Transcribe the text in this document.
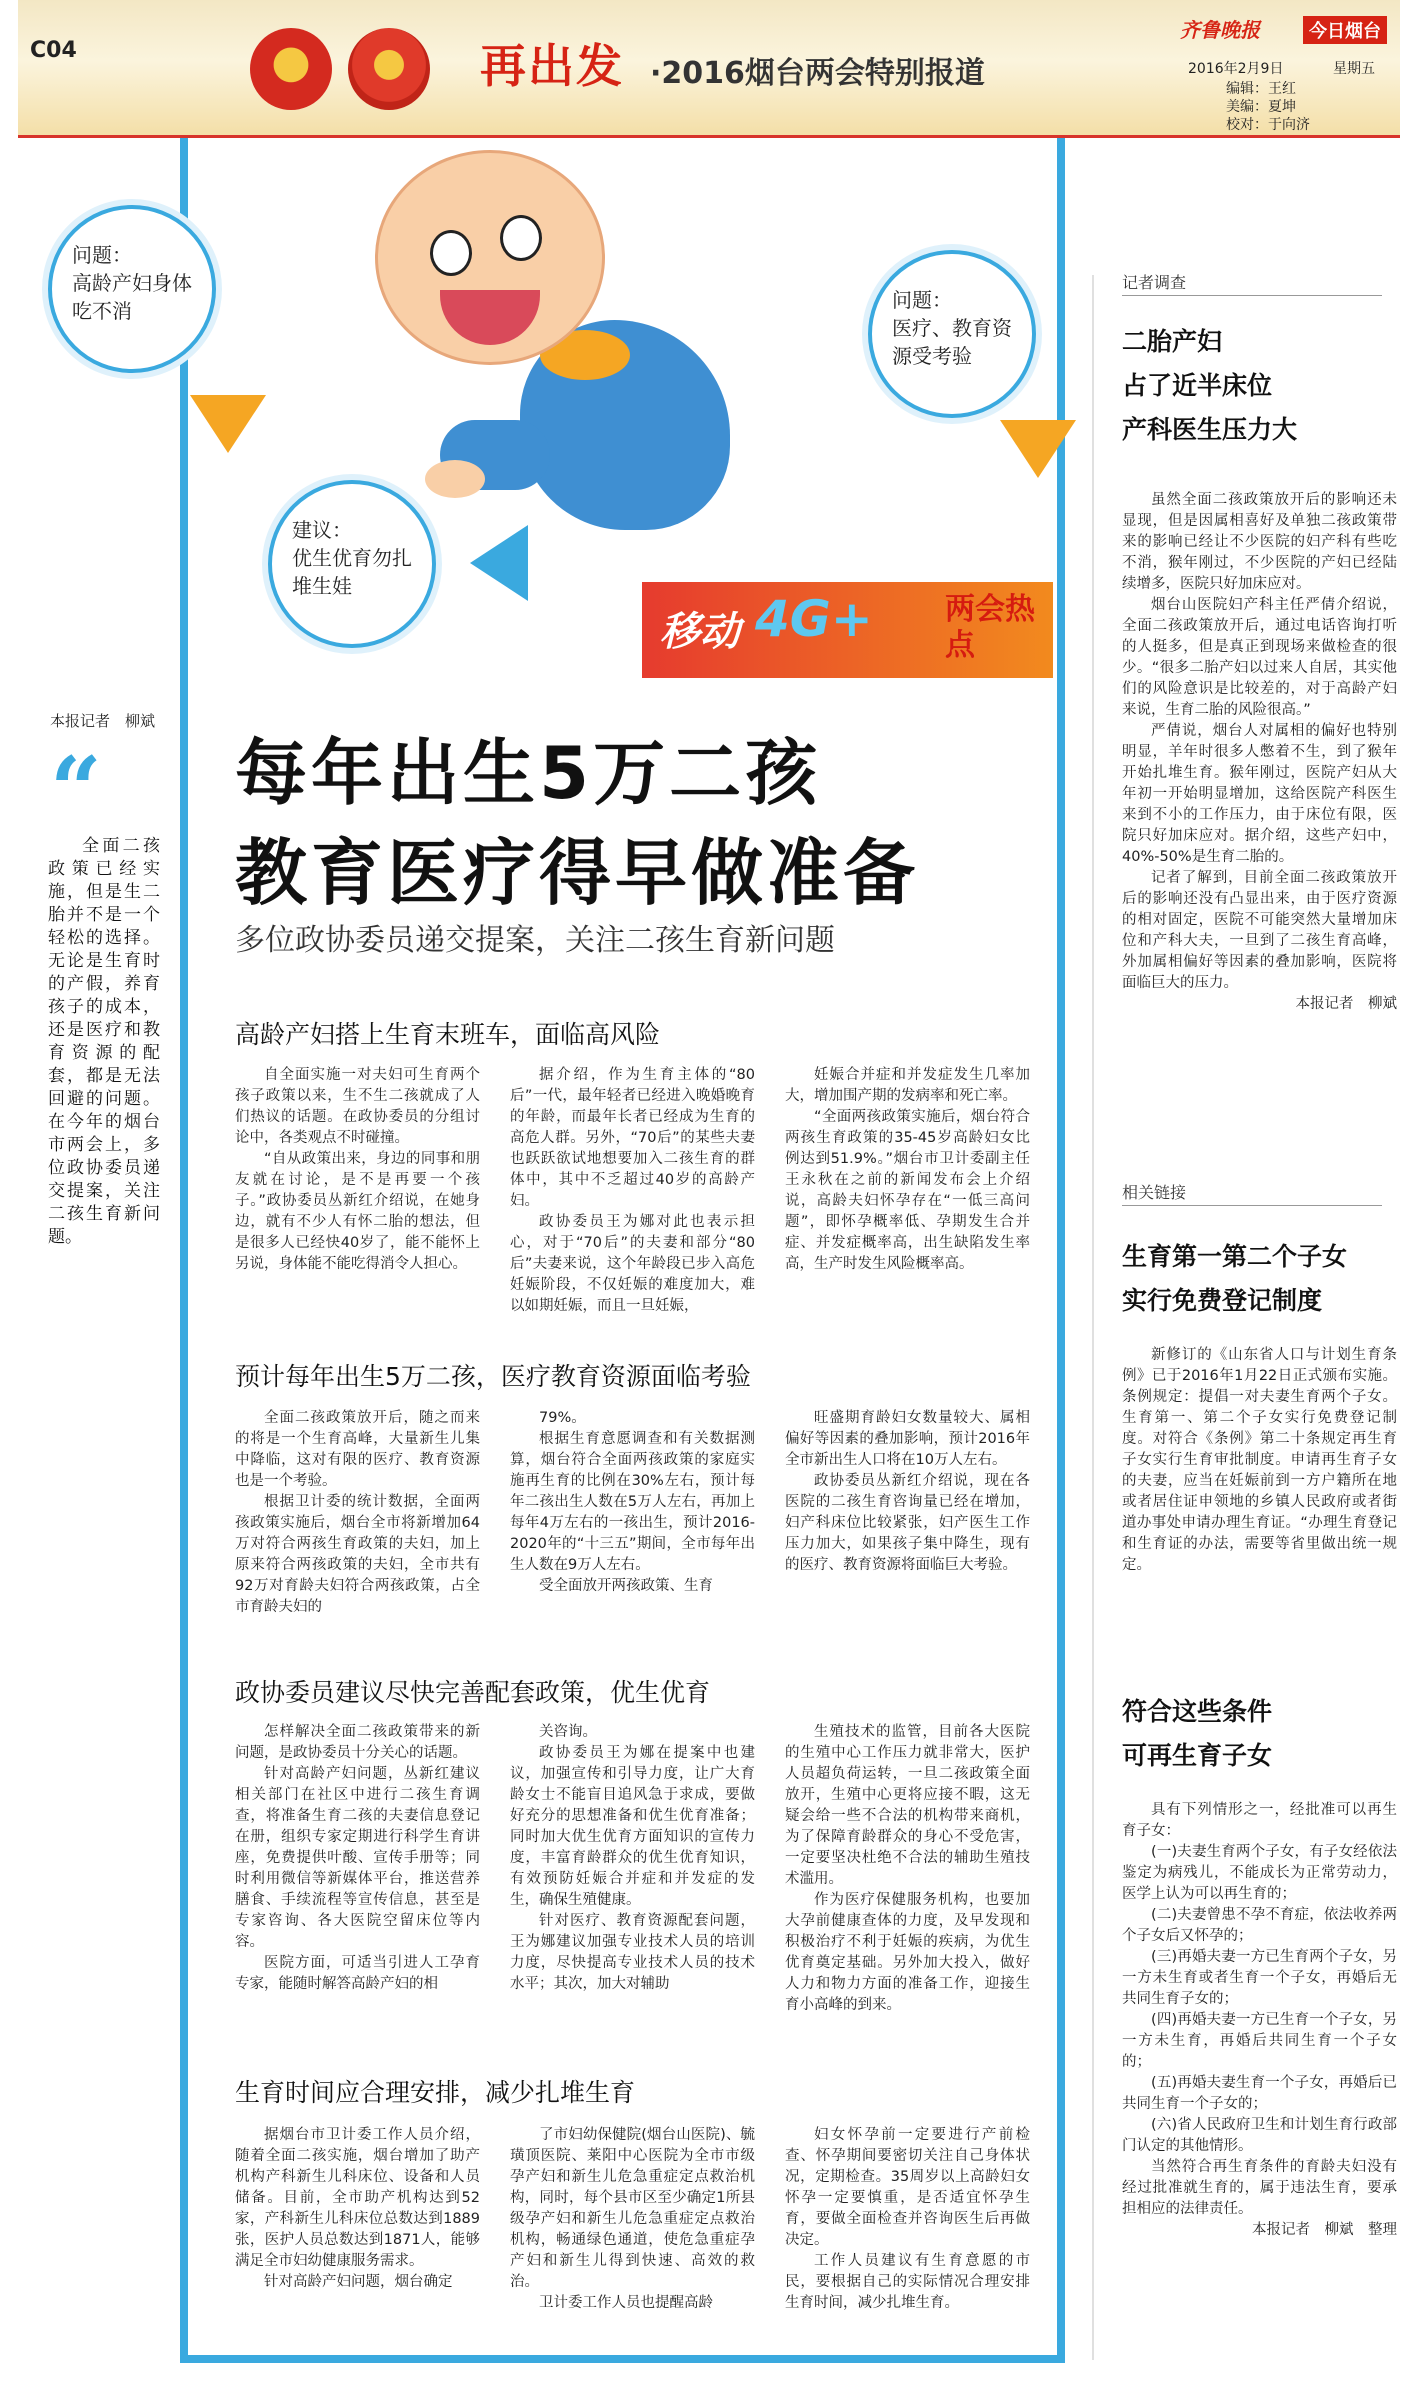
C04	再出发 ·2016烟台两会特别报道
齐鲁晚报	今日烟台
2016年2月9日	星期五
编辑：王红
美编：夏坤
校对：于向济
问题：
高龄产妇身体吃不消	问题：
医疗、教育资源受考验
建议：
优生优育勿扎堆生娃
移动 4G+ 两会热点
本报记者　柳斌
“
全面二孩政策已经实施，但是生二胎并不是一个轻松的选择。无论是生育时的产假，养育孩子的成本，还是医疗和教育资源的配套，都是无法回避的问题。在今年的烟台市两会上，多位政协委员递交提案，关注二孩生育新问题。
每年出生5万二孩
教育医疗得早做准备
多位政协委员递交提案，关注二孩生育新问题
高龄产妇搭上生育末班车，面临高风险

自全面实施一对夫妇可生育两个孩子政策以来，生不生二孩就成了人们热议的话题。在政协委员的分组讨论中，各类观点不时碰撞。

“自从政策出来，身边的同事和朋友就在讨论，是不是再要一个孩子。”政协委员丛新红介绍说，在她身边，就有不少人有怀二胎的想法，但是很多人已经快40岁了，能不能怀上另说，身体能不能吃得消令人担心。

据介绍，作为生育主体的“80后”一代，最年轻者已经进入晚婚晚育的年龄，而最年长者已经成为生育的高危人群。另外，“70后”的某些夫妻也跃跃欲试地想要加入二孩生育的群体中，其中不乏超过40岁的高龄产妇。

政协委员王为娜对此也表示担心，对于“70后”的夫妻和部分“80后”夫妻来说，这个年龄段已步入高危妊娠阶段，不仅妊娠的难度加大，难以如期妊娠，而且一旦妊娠，

妊娠合并症和并发症发生几率加大，增加围产期的发病率和死亡率。

“全面两孩政策实施后，烟台符合两孩生育政策的35-45岁高龄妇女比例达到51.9%。”烟台市卫计委副主任王永秋在之前的新闻发布会上介绍说，高龄夫妇怀孕存在“一低三高问题”，即怀孕概率低、孕期发生合并症、并发症概率高，出生缺陷发生率高，生产时发生风险概率高。

预计每年出生5万二孩，医疗教育资源面临考验

全面二孩政策放开后，随之而来的将是一个生育高峰，大量新生儿集中降临，这对有限的医疗、教育资源也是一个考验。

根据卫计委的统计数据，全面两孩政策实施后，烟台全市将新增加64万对符合两孩生育政策的夫妇，加上原来符合两孩政策的夫妇，全市共有92万对育龄夫妇符合两孩政策，占全市育龄夫妇的

79%。

根据生育意愿调查和有关数据测算，烟台符合全面两孩政策的家庭实施再生育的比例在30%左右，预计每年二孩出生人数在5万人左右，再加上每年4万左右的一孩出生，预计2016-2020年的“十三五”期间，全市每年出生人数在9万人左右。

受全面放开两孩政策、生育

旺盛期育龄妇女数量较大、属相偏好等因素的叠加影响，预计2016年全市新出生人口将在10万人左右。

政协委员丛新红介绍说，现在各医院的二孩生育咨询量已经在增加，妇产科床位比较紧张，妇产医生工作压力加大，如果孩子集中降生，现有的医疗、教育资源将面临巨大考验。

政协委员建议尽快完善配套政策，优生优育

怎样解决全面二孩政策带来的新问题，是政协委员十分关心的话题。

针对高龄产妇问题，丛新红建议相关部门在社区中进行二孩生育调查，将准备生育二孩的夫妻信息登记在册，组织专家定期进行科学生育讲座，免费提供叶酸、宣传手册等；同时利用微信等新媒体平台，推送营养膳食、手续流程等宣传信息，甚至是专家咨询、各大医院空留床位等内容。

医院方面，可适当引进人工孕育专家，能随时解答高龄产妇的相

关咨询。

政协委员王为娜在提案中也建议，加强宣传和引导力度，让广大育龄女士不能盲目追风急于求成，要做好充分的思想准备和优生优育准备；同时加大优生优育方面知识的宣传力度，丰富育龄群众的优生优育知识，有效预防妊娠合并症和并发症的发生，确保生殖健康。

针对医疗、教育资源配套问题，王为娜建议加强专业技术人员的培训力度，尽快提高专业技术人员的技术水平；其次，加大对辅助

生殖技术的监管，目前各大医院的生殖中心工作压力就非常大，医护人员超负荷运转，一旦二孩政策全面放开，生殖中心更将应接不暇，这无疑会给一些不合法的机构带来商机，为了保障育龄群众的身心不受危害，一定要坚决杜绝不合法的辅助生殖技术滥用。

作为医疗保健服务机构，也要加大孕前健康查体的力度，及早发现和积极治疗不利于妊娠的疾病，为优生优育奠定基础。另外加大投入，做好人力和物力方面的准备工作，迎接生育小高峰的到来。

生育时间应合理安排，减少扎堆生育

据烟台市卫计委工作人员介绍，随着全面二孩实施，烟台增加了助产机构产科新生儿科床位、设备和人员储备。目前，全市助产机构达到52家，产科新生儿科床位总数达到1889张，医护人员总数达到1871人，能够满足全市妇幼健康服务需求。

针对高龄产妇问题，烟台确定

了市妇幼保健院(烟台山医院)、毓璜顶医院、莱阳中心医院为全市市级孕产妇和新生儿危急重症定点救治机构，同时，每个县市区至少确定1所县级孕产妇和新生儿危急重症定点救治机构，畅通绿色通道，使危急重症孕产妇和新生儿得到快速、高效的救治。

卫计委工作人员也提醒高龄

妇女怀孕前一定要进行产前检查、怀孕期间要密切关注自己身体状况，定期检查。35周岁以上高龄妇女怀孕一定要慎重，是否适宜怀孕生育，要做全面检查并咨询医生后再做决定。

工作人员建议有生育意愿的市民，要根据自己的实际情况合理安排生育时间，减少扎堆生育。

记者调查
二胎产妇
占了近半床位
产科医生压力大

虽然全面二孩政策放开后的影响还未显现，但是因属相喜好及单独二孩政策带来的影响已经让不少医院的妇产科有些吃不消，猴年刚过，不少医院的产妇已经陆续增多，医院只好加床应对。

烟台山医院妇产科主任严倩介绍说，全面二孩政策放开后，通过电话咨询打听的人挺多，但是真正到现场来做检查的很少。“很多二胎产妇以过来人自居，其实他们的风险意识是比较差的，对于高龄产妇来说，生育二胎的风险很高。”

严倩说，烟台人对属相的偏好也特别明显，羊年时很多人憋着不生，到了猴年开始扎堆生育。猴年刚过，医院产妇从大年初一开始明显增加，这给医院产科医生来到不小的工作压力，由于床位有限，医院只好加床应对。据介绍，这些产妇中，40%-50%是生育二胎的。

记者了解到，目前全面二孩政策放开后的影响还没有凸显出来，由于医疗资源的相对固定，医院不可能突然大量增加床位和产科大夫，一旦到了二孩生育高峰，外加属相偏好等因素的叠加影响，医院将面临巨大的压力。

本报记者　柳斌

相关链接
生育第一第二个子女
实行免费登记制度

新修订的《山东省人口与计划生育条例》已于2016年1月22日正式颁布实施。条例规定：提倡一对夫妻生育两个子女。生育第一、第二个子女实行免费登记制度。对符合《条例》第二十条规定再生育子女实行生育审批制度。申请再生育子女的夫妻，应当在妊娠前到一方户籍所在地或者居住证申领地的乡镇人民政府或者街道办事处申请办理生育证。“办理生育登记和生育证的办法，需要等省里做出统一规定。

符合这些条件
可再生育子女

具有下列情形之一，经批准可以再生育子女：

(一)夫妻生育两个子女，有子女经依法鉴定为病残儿，不能成长为正常劳动力，医学上认为可以再生育的；

(二)夫妻曾患不孕不育症，依法收养两个子女后又怀孕的；

(三)再婚夫妻一方已生育两个子女，另一方未生育或者生育一个子女，再婚后无共同生育子女的；

(四)再婚夫妻一方已生育一个子女，另一方未生育，再婚后共同生育一个子女的；

(五)再婚夫妻生育一个子女，再婚后已共同生育一个子女的；

(六)省人民政府卫生和计划生育行政部门认定的其他情形。

当然符合再生育条件的育龄夫妇没有经过批准就生育的，属于违法生育，要承担相应的法律责任。

本报记者　柳斌　整理
